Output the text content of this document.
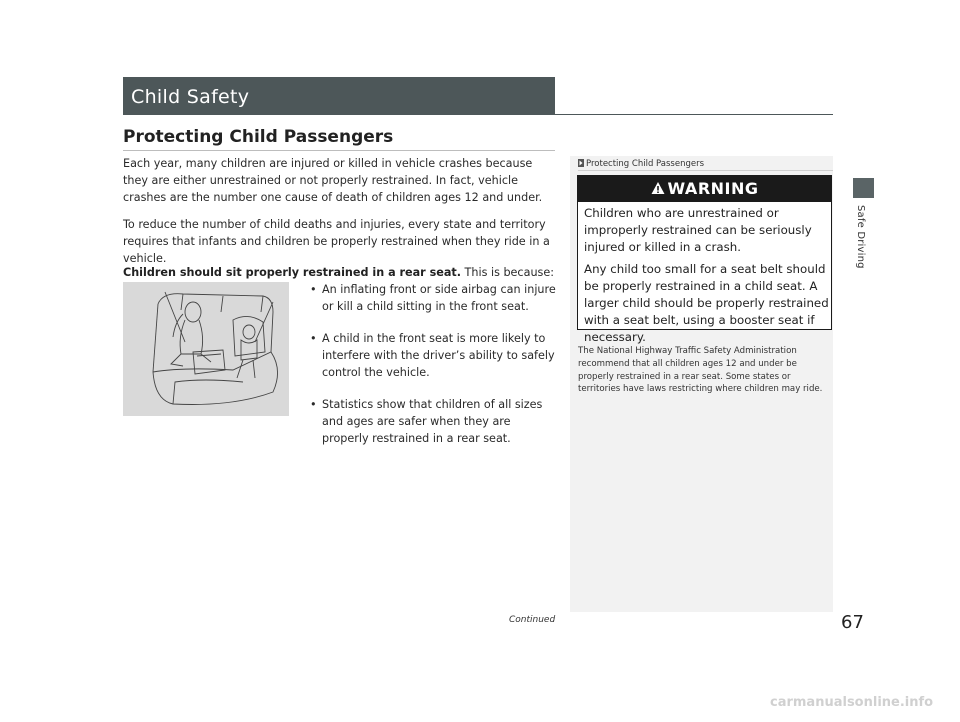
Child Safety
Protecting Child Passengers
Each year, many children are injured or killed in vehicle crashes because they are either unrestrained or not properly restrained. In fact, vehicle crashes are the number one cause of death of children ages 12 and under.
To reduce the number of child deaths and injuries, every state and territory requires that infants and children be properly restrained when they ride in a vehicle.
Children should sit properly restrained in a rear seat. This is because:
• An inflating front or side airbag can injure or kill a child sitting in the front seat.
• A child in the front seat is more likely to interfere with the driver’s ability to safely control the vehicle.
• Statistics show that children of all sizes and ages are safer when they are properly restrained in a rear seat.
Protecting Child Passengers
WARNING
Children who are unrestrained or improperly restrained can be seriously injured or killed in a crash.
Any child too small for a seat belt should be properly restrained in a child seat. A larger child should be properly restrained with a seat belt, using a booster seat if necessary.
The National Highway Traffic Safety Administration recommend that all children ages 12 and under be properly restrained in a rear seat. Some states or territories have laws restricting where children may ride.
Safe Driving
Continued	67
carmanualsonline.info
